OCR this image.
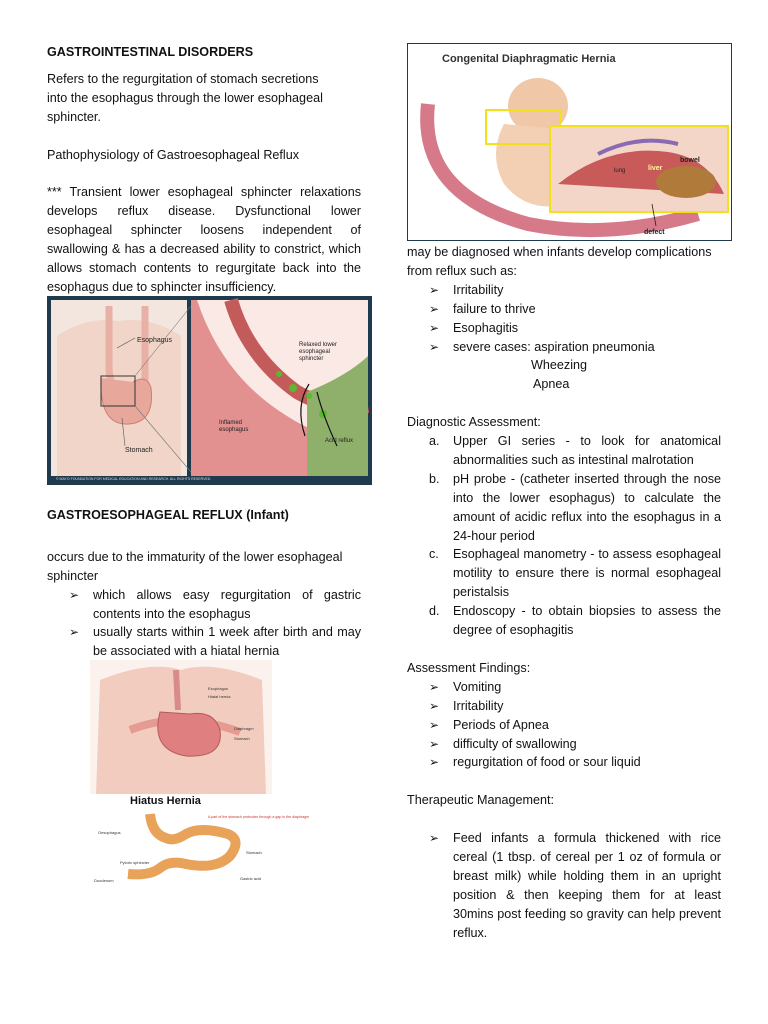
GASTROINTESTINAL DISORDERS
Refers to the regurgitation of stomach secretions into the esophagus through the lower esophageal sphincter.
Pathophysiology of Gastroesophageal Reflux
*** Transient lower esophageal sphincter relaxations develops reflux disease. Dysfunctional lower esophageal sphincter loosens independent of swallowing & has a decreased ability to constrict, which allows stomach contents to regurgitate back into the esophagus due to sphincter insufficiency.
© MAYO FOUNDATION FOR MEDICAL EDUCATION AND RESEARCH. ALL RIGHTS RESERVED.
Esophagus
Stomach
Relaxed lower esophageal sphincter
Inflamed esophagus
Acid reflux
GASTROESOPHAGEAL REFLUX (Infant)
occurs due to the immaturity of the lower esophageal sphincter
➢ which allows easy regurgitation of gastric contents into the esophagus
➢ usually starts within 1 week after birth and may be associated with a hiatal hernia
Esophagus
Hiatal hernia
Diaphragm
Stomach
Hiatus Hernia
Oesophagus
Pyloric sphincter
Duodenum
Stomach
Gastric acid
A part of the stomach protrudes through a gap in the diaphragm
Congenital Diaphragmatic Hernia
bowel
liver
lung
defect
may be diagnosed when infants develop complications from reflux such as:
➢ Irritability
➢ failure to thrive
➢ Esophagitis
➢ severe cases: aspiration pneumonia
Wheezing
Apnea
Diagnostic Assessment:
a. Upper GI series - to look for anatomical abnormalities such as intestinal malrotation
b. pH probe - (catheter inserted through the nose into the lower esophagus) to calculate the amount of acidic reflux into the esophagus in a 24-hour period
c. Esophageal manometry - to assess esophageal motility to ensure there is normal esophageal peristalsis
d. Endoscopy - to obtain biopsies to assess the degree of esophagitis
Assessment Findings:
➢ Vomiting
➢ Irritability
➢ Periods of Apnea
➢ difficulty of swallowing
➢ regurgitation of food or sour liquid
Therapeutic Management:
➢ Feed infants a formula thickened with rice cereal (1 tbsp. of cereal per 1 oz of formula or breast milk) while holding them in an upright position & then keeping them for at least 30mins post feeding so gravity can help prevent reflux.
